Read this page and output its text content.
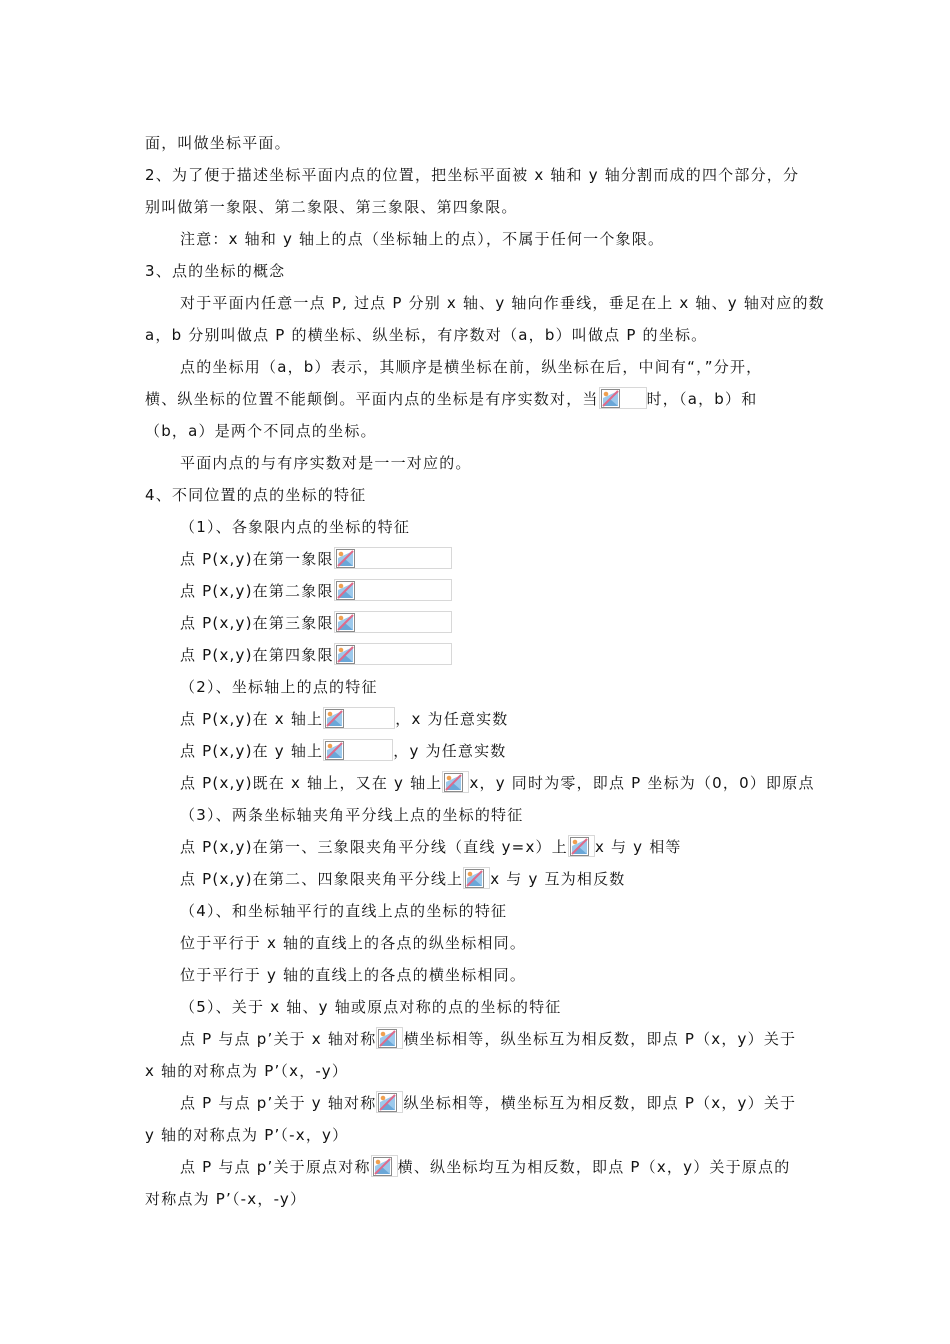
面，叫做坐标平面。
2、为了便于描述坐标平面内点的位置，把坐标平面被 x 轴和 y 轴分割而成的四个部分，分
别叫做第一象限、第二象限、第三象限、第四象限。
注意：x 轴和 y 轴上的点（坐标轴上的点），不属于任何一个象限。
3、点的坐标的概念
对于平面内任意一点 P, 过点 P 分别 x 轴、y 轴向作垂线，垂足在上 x 轴、y 轴对应的数
a，b 分别叫做点 P 的横坐标、纵坐标，有序数对（a，b）叫做点 P 的坐标。
点的坐标用（a，b）表示，其顺序是横坐标在前，纵坐标在后，中间有“，”分开，
横、纵坐标的位置不能颠倒。平面内点的坐标是有序实数对，当	时，（a，b）和
（b，a）是两个不同点的坐标。
平面内点的与有序实数对是一一对应的。
4、不同位置的点的坐标的特征
（1）、各象限内点的坐标的特征
点 P(x,y)在第一象限
点 P(x,y)在第二象限
点 P(x,y)在第三象限
点 P(x,y)在第四象限
（2）、坐标轴上的点的特征
点 P(x,y)在 x 轴上	，x 为任意实数
点 P(x,y)在 y 轴上	，y 为任意实数
点 P(x,y)既在 x 轴上，又在 y 轴上 x，y 同时为零，即点 P 坐标为（0，0）即原点
（3）、两条坐标轴夹角平分线上点的坐标的特征
点 P(x,y)在第一、三象限夹角平分线（直线 y=x）上 x 与 y 相等
点 P(x,y)在第二、四象限夹角平分线上 x 与 y 互为相反数
（4）、和坐标轴平行的直线上点的坐标的特征
位于平行于 x 轴的直线上的各点的纵坐标相同。
位于平行于 y 轴的直线上的各点的横坐标相同。
（5）、关于 x 轴、y 轴或原点对称的点的坐标的特征
点 P 与点 p’关于 x 轴对称 横坐标相等，纵坐标互为相反数，即点 P（x，y）关于
x 轴的对称点为 P’（x，-y）
点 P 与点 p’关于 y 轴对称 纵坐标相等，横坐标互为相反数，即点 P（x，y）关于
y 轴的对称点为 P’（-x，y）
点 P 与点 p’关于原点对称 横、纵坐标均互为相反数，即点 P（x，y）关于原点的
对称点为 P’（-x，-y）
